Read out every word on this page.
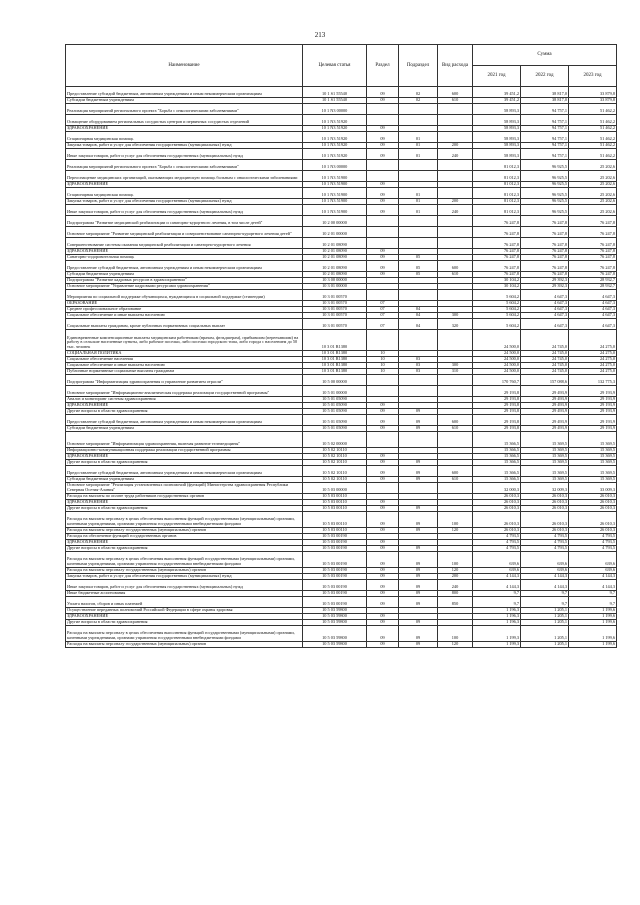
213
Наименование	Целевая статья	Раздел	Подраздел	Вид расхода	Сумма		
					2021 год	2022 год	2023 год
Предоставление субсидий бюджетным, автономным учреждениям и иным некоммерческим организациям	10 1 S1 55540	09	02	600	39 451,2	38 817,0	33 879,8
Субсидии бюджетным учреждениям	10 1 S1 55540	09	02	610	39 451,2	38 817,0	33 879,8
Реализация мероприятий регионального проекта "Борьба с онкологическими заболеваниями"	10 1 N3 00000				58 893,3	94 757,1	51 462,2
Оснащение оборудованием региональных сосудистых центров и первичных сосудистых отделений	10 1 N3 51920				58 893,3	94 757,1	51 462,2
ЗДРАВООХРАНЕНИЕ	10 1 N3 51920	09			58 893,3	94 757,1	51 462,2
Стационарная медицинская помощь	10 1 N3 51920	09	01		58 893,3	94 757,1	51 462,2
Закупка товаров, работ и услуг для обеспечения государственных (муниципальных) нужд	10 1 N3 51920	09	01	200	58 893,3	94 757,1	51 462,2
Иные закупки товаров, работ и услуг для обеспечения государственных (муниципальных) нужд	10 1 N3 51920	09	01	240	58 893,3	94 757,1	51 462,2
Реализация мероприятий регионального проекта "Борьба с онкологическими заболеваниями"	10 1 N3 00000				81 012,3	96 925,5	25 202,6
Переоснащение медицинских организаций, оказывающих медицинскую помощь больным с онкологическими заболеваниями	10 1 N3 51900				81 012,3	96 925,5	25 202,6
ЗДРАВООХРАНЕНИЕ	10 1 N3 51900	09			81 012,3	96 925,5	25 202,6
Стационарная медицинская помощь	10 1 N3 51900	09	01		81 012,3	96 925,5	25 202,6
Закупка товаров, работ и услуг для обеспечения государственных (муниципальных) нужд	10 1 N3 51900	09	01	200	81 012,3	96 925,5	25 202,6
Иные закупки товаров, работ и услуг для обеспечения государственных (муниципальных) нужд	10 1 N3 51900	09	01	240	81 012,3	96 925,5	25 202,6
Подпрограмма "Развитие медицинской реабилитации и санаторно-курортного лечения, в том числе детей"	10 2 00 00000				76 247,8	76 247,8	76 247,8
Основное мероприятие "Развитие медицинской реабилитации и совершенствование санаторно-курортного лечения детей"	10 2 01 00000				76 247,8	76 247,8	76 247,8
Совершенствование системы оказания медицинской реабилитации и санаторно-курортного лечения	10 2 01 08090				76 247,8	76 247,8	76 247,8
ЗДРАВООХРАНЕНИЕ	10 2 01 08090	09			76 247,8	76 247,8	76 247,8
Санаторно-оздоровительная помощь	10 2 01 08090	09	05		76 247,8	76 247,8	76 247,8
Предоставление субсидий бюджетным, автономным учреждениям и иным некоммерческим организациям	10 2 01 08090	09	05	600	76 247,8	76 247,8	76 247,8
Субсидии бюджетным учреждениям	10 2 01 08090	09	05	610	76 247,8	76 247,8	76 247,8
Подпрограмма "Развитие кадровых ресурсов в здравоохранении"	10 3 00 00000				30 104,2	29 392,3	28 932,7
Основное мероприятие "Управление кадровыми ресурсами здравоохранения"	10 3 01 00000				30 104,2	29 392,3	28 932,7
Мероприятия по социальной поддержке обучающихся, нуждающихся в социальной поддержке (стипендии)	10 3 01 00570				5 604,2	4 647,3	4 647,3
ОБРАЗОВАНИЕ	10 3 01 00570	07			5 604,2	4 647,3	4 647,3
Среднее профессиональное образование	10 3 01 00570	07	04		5 604,2	4 647,3	4 647,3
Социальное обеспечение и иные выплаты населению	10 3 01 00570	07	04	300	5 604,2	4 647,3	4 647,3
Социальные выплаты гражданам, кроме публичных нормативных социальных выплат	10 3 01 00570	07	04	320	5 604,2	4 647,3	4 647,3
Единовременные компенсационные выплаты медицинским работникам (врачам, фельдшерам), прибывшим (переехавшим) на работу в сельские населенные пункты, либо рабочие поселки, либо поселки городского типа, либо города с населением до 50 тыс. человек	10 3 01 R1380				24 500,0	24 745,0	24 275,0
СОЦИАЛЬНАЯ ПОЛИТИКА	10 3 01 R1380	10			24 500,0	24 745,0	24 275,0
Социальное обеспечение населения	10 3 01 R1380	10	03		24 500,0	24 745,0	24 275,0
Социальное обеспечение и иные выплаты населению	10 3 01 R1380	10	03	300	24 500,0	24 745,0	24 275,0
Публичные нормативные социальные выплаты гражданам	10 3 01 R1380	10	03	310	24 500,0	24 745,0	24 275,0
Подпрограмма "Информатизация здравоохранения и управление развитием отрасли"	10 5 00 00000				170 760,7	157 088,6	132 775,3
Основное мероприятие "Информационно-аналитическая поддержка реализации государственной программы"	10 5 01 00000				29 193,8	29 493,9	29 193,9
Анализ и мониторинг системы здравоохранения	10 5 01 05090				29 193,8	29 493,9	29 193,9
ЗДРАВООХРАНЕНИЕ	10 5 01 05090	09			29 193,8	29 493,9	29 193,9
Другие вопросы в области здравоохранения	10 5 01 05090	09	09		29 193,8	29 493,9	29 193,9
Предоставление субсидий бюджетным, автономным учреждениям и иным некоммерческим организациям	10 5 01 05090	09	09	600	29 193,8	29 493,9	29 193,9
Субсидии бюджетным учреждениям	10 5 01 05090	09	09	610	29 193,8	29 493,9	29 193,9
Основное мероприятие "Информатизация здравоохранения, включая развитие телемедицины"	10 5 02 00000				15 366,5	15 369,5	15 369,5
Информационно-коммуникационная поддержка реализации государственной программы	10 5 02 10110				15 366,5	15 369,5	15 369,5
ЗДРАВООХРАНЕНИЕ	10 5 02 10110	09			15 366,5	15 369,5	15 369,5
Другие вопросы в области здравоохранения	10 5 02 10110	09	09		15 366,5	15 369,5	15 369,5
Предоставление субсидий бюджетным, автономным учреждениям и иным некоммерческим организациям	10 5 02 10110	09	09	600	15 366,5	15 369,5	15 369,5
Субсидии бюджетным учреждениям	10 5 02 10110	09	09	610	15 366,5	15 369,5	15 369,5
Основное мероприятие "Реализация установленных полномочий (функций) Министерства здравоохранения Республики Северная Осетия-Алания"	10 5 03 00000				32 000,3	32 009,3	33 009,3
Расходы на выплаты по оплате труда работников государственных органов	10 5 03 00110				26 010,3	26 010,3	26 010,3
ЗДРАВООХРАНЕНИЕ	10 5 03 00110	09			26 010,3	26 010,3	26 010,3
Другие вопросы в области здравоохранения	10 5 03 00110	09	09		26 010,3	26 010,3	26 010,3
Расходы на выплаты персоналу в целях обеспечения выполнения функций государственными (муниципальными) органами, казенными учреждениями, органами управления государственными внебюджетными фондами	10 5 03 00110	09	09	100	26 010,3	26 010,3	26 010,3
Расходы на выплаты персоналу государственных (муниципальных) органов	10 5 03 00110	09	09	120	26 010,3	26 010,3	26 010,3
Расходы на обеспечение функций государственных органов	10 5 03 00190				4 793,5	4 793,5	4 793,5
ЗДРАВООХРАНЕНИЕ	10 5 03 00190	09			4 793,5	4 793,5	4 793,5
Другие вопросы в области здравоохранения	10 5 03 00190	09	09		4 793,5	4 793,5	4 793,5
Расходы на выплаты персоналу в целях обеспечения выполнения функций государственными (муниципальными) органами, казенными учреждениями, органами управления государственными внебюджетными фондами	10 5 03 00190	09	09	100	639,6	639,6	639,6
Расходы на выплаты персоналу государственных (муниципальных) органов	10 5 03 00190	09	09	120	639,6	639,6	639,6
Закупка товаров, работ и услуг для обеспечения государственных (муниципальных) нужд	10 5 03 00190	09	09	200	4 144,3	4 144,3	4 144,3
Иные закупки товаров, работ и услуг для обеспечения государственных (муниципальных) нужд	10 5 03 00190	09	09	240	4 144,3	4 144,3	4 144,3
Иные бюджетные ассигнования	10 5 03 00190	09	09	800	9,7	9,7	9,7
Уплата налогов, сборов и иных платежей	10 5 03 00190	09	09	850	9,7	9,7	9,7
Осуществление переданных полномочий Российской Федерации в сфере охраны здоровья	10 5 03 59800				1 196,3	1 205,1	1 199,6
ЗДРАВООХРАНЕНИЕ	10 5 03 59800	09			1 196,3	1 205,1	1 199,6
Другие вопросы в области здравоохранения	10 5 03 59800	09	09		1 196,3	1 205,1	1 199,6
Расходы на выплаты персоналу в целях обеспечения выполнения функций государственными (муниципальными) органами, казенными учреждениями, органами управления государственными внебюджетными фондами	10 5 03 59800	09	09	100	1 199,3	1 205,1	1 199,6
Расходы на выплаты персоналу государственных (муниципальных) органов	10 5 03 59800	09	09	120	1 199,3	1 205,1	1 199,6
